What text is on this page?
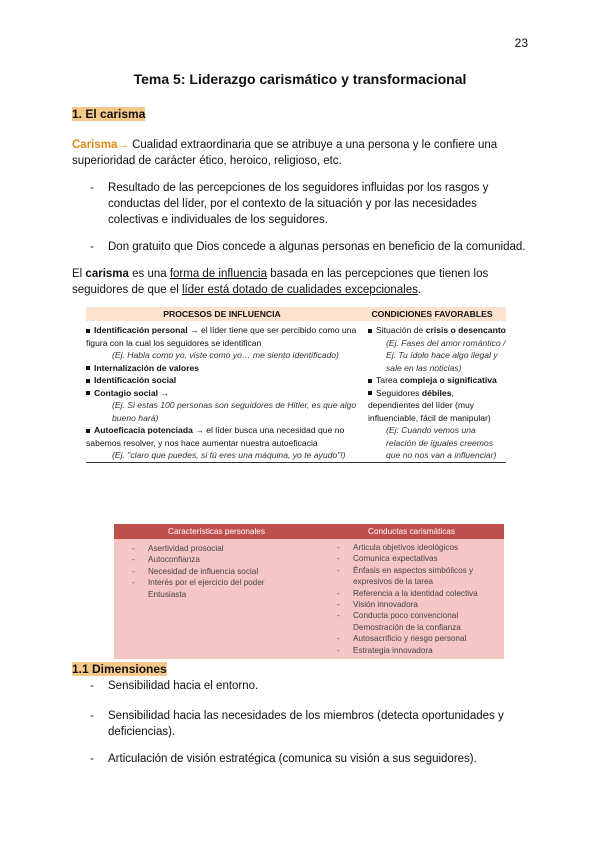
23
Tema 5: Liderazgo carismático y transformacional
1. El carisma
Carisma→ Cualidad extraordinaria que se atribuye a una persona y le confiere una superioridad de carácter ético, heroico, religioso, etc.
- Resultado de las percepciones de los seguidores influidas por los rasgos y conductas del líder, por el contexto de la situación y por las necesidades colectivas e individuales de los seguidores.
- Don gratuito que Dios concede a algunas personas en beneficio de la comunidad.
El carisma es una forma de influencia basada en las percepciones que tienen los seguidores de que el líder está dotado de cualidades excepcionales.
PROCESOS DE INFLUENCIA	CONDICIONES FAVORABLES
Identificación personal → el líder tiene que ser percibido como una figura con la cual los seguidores se identifican
(Ej. Habla como yo, viste como yo… me siento identificado)
Internalización de valores
Identificación social
Contagio social →
(Ej. Si estas 100 personas son seguidores de Hitler, es que algo bueno hará)
Autoeficacia potenciada → el líder busca una necesidad que no sabemos resolver, y nos hace aumentar nuestra autoeficacia
(Ej. "claro que puedes, si tú eres una máquina, yo te ayudo"!)
Situación de crisis o desencanto
(Ej. Fases del amor romántico / Ej. Tu ídolo hace algo ilegal y sale en las noticias)
Tarea compleja o significativa
Seguidores débiles, dependientes del líder (muy influenciable, fácil de manipular)
(Ej: Cuando vemos una relación de iguales creemos que no nos van a influenciar)
Características personales	Conductas carismáticas
- Asertividad prosocial
- Autoconfianza
- Necesidad de influencia social
- Interés por el ejercicio del poder
Entusiasta
- Articula objetivos ideológicos
- Comunica expectativas
- Énfasis en aspectos simbólicos y expresivos de la tarea
- Referencia a la identidad colectiva
- Visión innovadora
- Conducta poco convencional
Demostración de la confianza
- Autosacrificio y riesgo personal
- Estrategia innovadora
1.1 Dimensiones
- Sensibilidad hacia el entorno.
- Sensibilidad hacia las necesidades de los miembros (detecta oportunidades y deficiencias).
- Articulación de visión estratégica (comunica su visión a sus seguidores).
